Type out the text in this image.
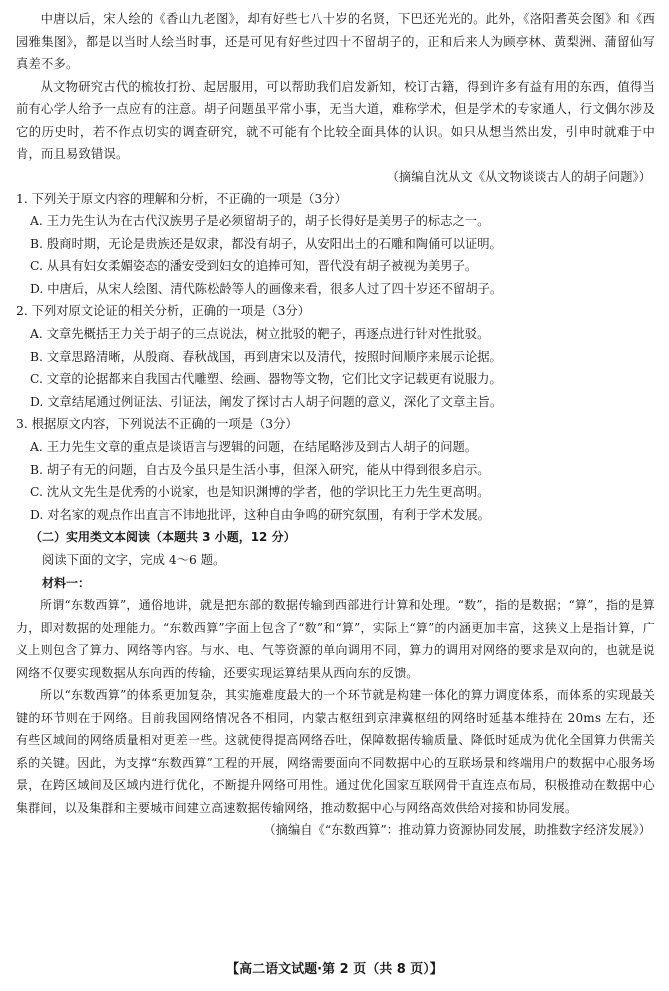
中唐以后，宋人绘的《香山九老图》，却有好些七八十岁的名贤，下巴还光光的。此外，《洛阳耆英会图》和《西园雅集图》，都是以当时人绘当时事，还是可见有好些过四十不留胡子的，正和后来人为顾亭林、黄梨洲、蒲留仙写真差不多。

从文物研究古代的梳妆打扮、起居服用，可以帮助我们启发新知，校订古籍，得到许多有益有用的东西，值得当前有心学人给予一点应有的注意。胡子问题虽平常小事，无当大道，难称学术，但是学术的专家通人，行文偶尔涉及它的历史时，若不作点切实的调查研究，就不可能有个比较全面具体的认识。如只从想当然出发，引申时就难于中肯，而且易致错误。

（摘编自沈从文《从文物谈谈古人的胡子问题》）

1. 下列关于原文内容的理解和分析，不正确的一项是（3分）

A. 王力先生认为在古代汉族男子是必须留胡子的，胡子长得好是美男子的标志之一。

B. 殷商时期，无论是贵族还是奴隶，都没有胡子，从安阳出土的石雕和陶俑可以证明。

C. 从具有妇女柔媚姿态的潘安受到妇女的追捧可知，晋代没有胡子被视为美男子。

D. 中唐后，从宋人绘图、清代陈松龄等人的画像来看，很多人过了四十岁还不留胡子。

2. 下列对原文论证的相关分析，正确的一项是（3分）

A. 文章先概括王力关于胡子的三点说法，树立批驳的靶子，再逐点进行针对性批驳。

B. 文章思路清晰，从殷商、春秋战国，再到唐宋以及清代，按照时间顺序来展示论据。

C. 文章的论据都来自我国古代雕塑、绘画、器物等文物，它们比文字记载更有说服力。

D. 文章结尾通过例证法、引证法，阐发了探讨古人胡子问题的意义，深化了文章主旨。

3. 根据原文内容，下列说法不正确的一项是（3分）

A. 王力先生文章的重点是谈语言与逻辑的问题，在结尾略涉及到古人胡子的问题。

B. 胡子有无的问题，自古及今虽只是生活小事，但深入研究，能从中得到很多启示。

C. 沈从文先生是优秀的小说家，也是知识渊博的学者，他的学识比王力先生更高明。

D. 对名家的观点作出直言不讳地批评，这种自由争鸣的研究氛围，有利于学术发展。

（二）实用类文本阅读（本题共 3 小题，12 分）

阅读下面的文字，完成 4～6 题。

材料一：

所谓“东数西算”，通俗地讲，就是把东部的数据传输到西部进行计算和处理。“数”，指的是数据；“算”，指的是算力，即对数据的处理能力。“东数西算”字面上包含了“数”和“算”，实际上“算”的内涵更加丰富，这狭义上是指计算，广义上则包含了算力、网络等内容。与水、电、气等资源的单向调用不同，算力的调用对网络的要求是双向的，也就是说网络不仅要实现数据从东向西的传输，还要实现运算结果从西向东的反馈。

所以“东数西算”的体系更加复杂，其实施难度最大的一个环节就是构建一体化的算力调度体系，而体系的实现最关键的环节则在于网络。目前我国网络情况各不相同，内蒙古枢纽到京津冀枢纽的网络时延基本维持在 20ms 左右，还有些区域间的网络质量相对更差一些。这就使得提高网络吞吐，保障数据传输质量、降低时延成为优化全国算力供需关系的关键。因此，为支撑“东数西算”工程的开展，网络需要面向不同数据中心的互联场景和终端用户的数据中心服务场景，在跨区域间及区域内进行优化，不断提升网络可用性。通过优化国家互联网骨干直连点布局，积极推动在数据中心集群间，以及集群和主要城市间建立高速数据传输网络，推动数据中心与网络高效供给对接和协同发展。

（摘编自《“东数西算”：推动算力资源协同发展，助推数字经济发展》）

【高二语文试题·第 2 页（共 8 页）】
